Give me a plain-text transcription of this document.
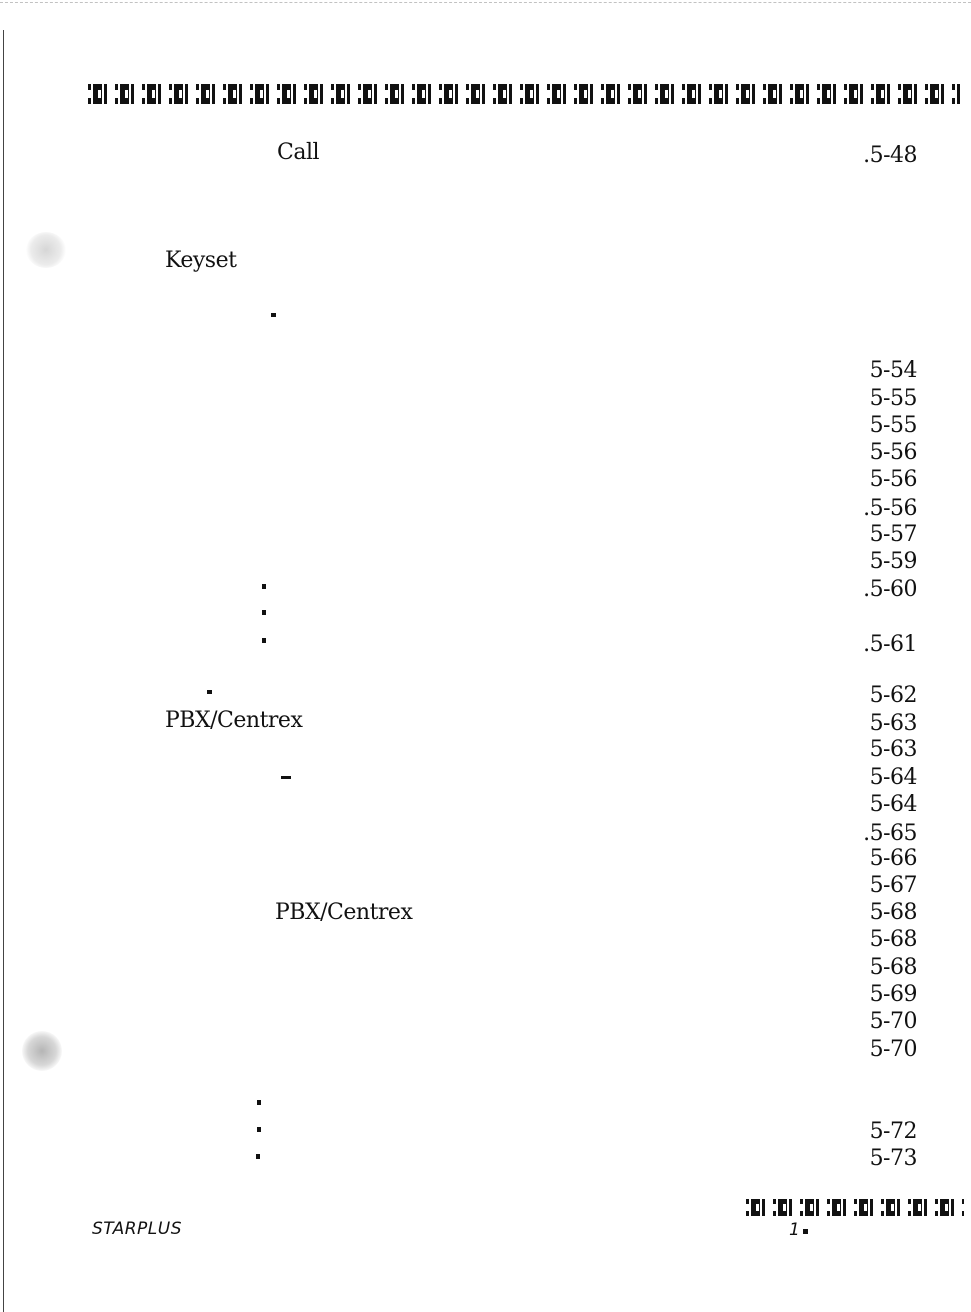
Call	.5-48
Keyset
5-54
5-55
5-55
5-56
5-56
.5-56
5-57
5-59
.5-60
.5-61
5-62
PBX/Centrex	5-63
5-63
5-64
5-64
.5-65
5-66
5-67
PBX/Centrex	5-68
5-68
5-68
5-69
5-70
5-70
5-72
5-73
STARPLUS	1
